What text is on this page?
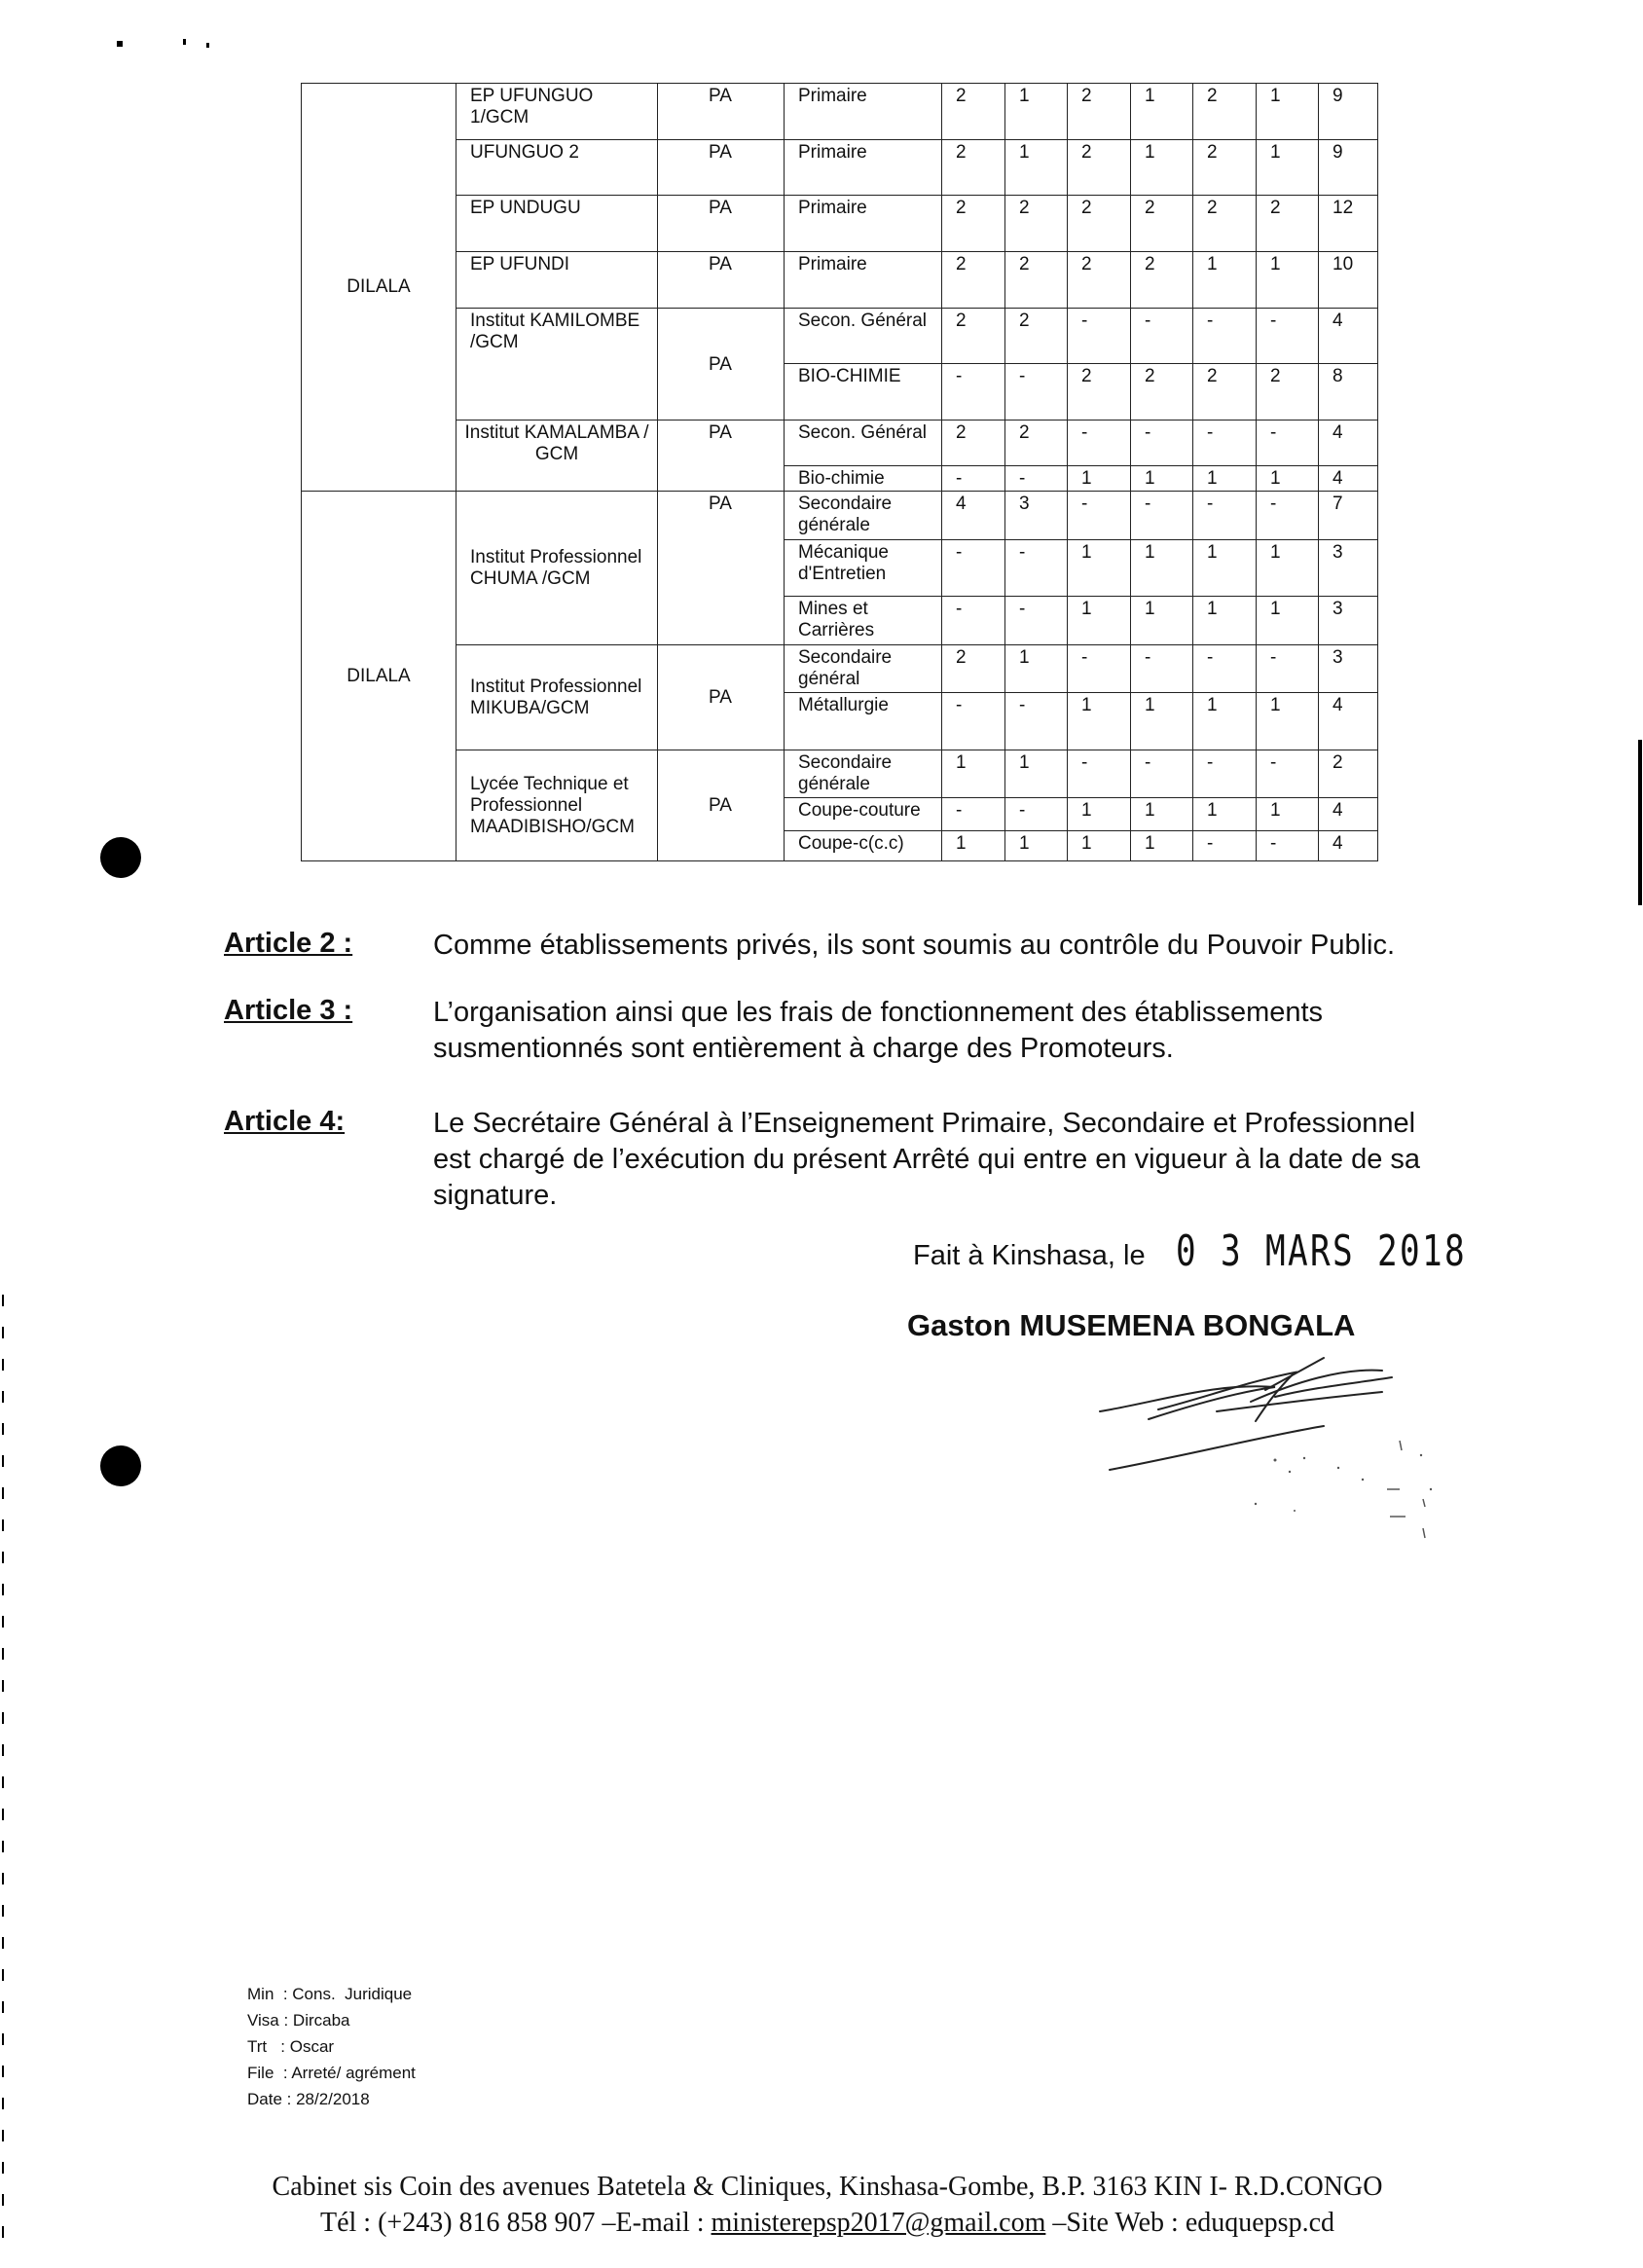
DILALA	EP UFUNGUO 1/GCM	PA	Primaire	2	1	2	1	2	1	9
	UFUNGUO 2	PA	Primaire	2	1	2	1	2	1	9
	EP UNDUGU	PA	Primaire	2	2	2	2	2	2	12
	EP UFUNDI	PA	Primaire	2	2	2	2	1	1	10
	Institut KAMILOMBE /GCM	PA	Secon. Général	2	2	-	-	-	-	4
			BIO-CHIMIE	-	-	2	2	2	2	8
	Institut KAMALAMBA / GCM	PA	Secon. Général	2	2	-	-	-	-	4
			Bio-chimie	-	-	1	1	1	1	4
DILALA	Institut Professionnel CHUMA /GCM	PA	Secondaire générale	4	3	-	-	-	-	7
			Mécanique d'Entretien	-	-	1	1	1	1	3
			Mines et Carrières	-	-	1	1	1	1	3
	Institut Professionnel MIKUBA/GCM	PA	Secondaire général	2	1	-	-	-	-	3
			Métallurgie	-	-	1	1	1	1	4
	Lycée Technique et Professionnel MAADIBISHO/GCM	PA	Secondaire générale	1	1	-	-	-	-	2
			Coupe-couture	-	-	1	1	1	1	4
			Coupe-c(c.c)	1	1	1	1	-	-	4
Article 2 :	Comme établissements privés, ils sont soumis au contrôle du Pouvoir Public.
Article 3 :	L’organisation ainsi que les frais de fonctionnement des établissements susmentionnés sont entièrement à charge des Promoteurs.
Article 4:	Le Secrétaire Général à l’Enseignement Primaire, Secondaire et Professionnel est chargé de l’exécution du présent Arrêté qui entre en vigueur à la date de sa signature.
Fait à Kinshasa, le 0 3 MARS 2018
Gaston MUSEMENA BONGALA
Min  : Cons.  Juridique
Visa : Dircaba
Trt   : Oscar
File  : Arreté/ agrément
Date : 28/2/2018
Cabinet sis Coin des avenues Batetela & Cliniques, Kinshasa-Gombe, B.P. 3163 KIN I- R.D.CONGO
Tél : (+243) 816 858 907 –E-mail : ministerepsp2017@gmail.com –Site Web : eduquepsp.cd
